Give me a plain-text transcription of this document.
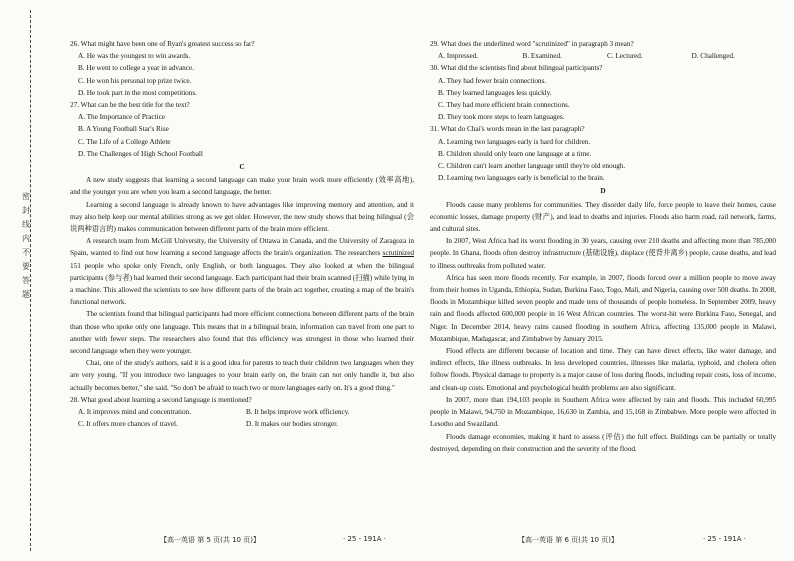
密 封 线 内 不 要 答 题

26. What might have been one of Ryan's greatest success so far?

A. He was the youngest to win awards.

B. He went to college a year in advance.

C. He won his personal top prize twice.

D. He took part in the most competitions.

27. What can be the best title for the text?

A. The Importance of Practice

B. A Young Football Star's Rise

C. The Life of a College Athlete

D. The Challenges of High School Football

C

A new study suggests that learning a second language can make your brain work more efficiently (效率高地), and the younger you are when you learn a second language, the better.

Learning a second language is already known to have advantages like improving memory and attention, and it may also help keep our mental abilities strong as we get older. However, the new study shows that being bilingual (会说两种语言的) makes communication between different parts of the brain more efficient.

A research team from McGill University, the University of Ottawa in Canada, and the University of Zaragoza in Spain, wanted to find out how learning a second language affects the brain's organization. The researchers scrutinized 151 people who spoke only French, only English, or both languages. They also looked at when the bilingual participants (参与者) had learned their second language. Each participant had their brain scanned (扫描) while lying in a machine. This allowed the scientists to see how different parts of the brain act together, creating a map of the brain's functional network.

The scientists found that bilingual participants had more efficient connections between different parts of the brain than those who spoke only one language. This means that in a bilingual brain, information can travel from one part to another with fewer steps. The researchers also found that this efficiency was strongest in those who learned their second language when they were younger.

Chai, one of the study's authors, said it is a good idea for parents to teach their children two languages when they are very young. "If you introduce two languages to your brain early on, the brain can not only handle it, but also actually becomes better," she said. "So don't be afraid to teach two or more languages early on. It's a good thing."

28. What good about learning a second language is mentioned?

A. It improves mind and concentration.	B. It helps improve work efficiency.
C. It offers more chances of travel.	D. It makes our bodies stronger.

29. What does the underlined word "scrutinized" in paragraph 3 mean?

A. Impressed.	B. Examined.	C. Lectured.	D. Challenged.

30. What did the scientists find about bilingual participants?

A. They had fewer brain connections.

B. They learned languages less quickly.

C. They had more efficient brain connections.

D. They took more steps to learn languages.

31. What do Chai's words mean in the last paragraph?

A. Learning two languages early is hard for children.

B. Children should only learn one language at a time.

C. Children can't learn another language until they're old enough.

D. Learning two languages early is beneficial to the brain.

D

Floods cause many problems for communities. They disorder daily life, force people to leave their homes, cause economic losses, damage property (财产), and lead to deaths and injuries. Floods also harm road, rail network, farms, and cultural sites.

In 2007, West Africa had its worst flooding in 30 years, causing over 210 deaths and affecting more than 785,000 people. In Ghana, floods often destroy infrastructure (基础设施), displace (使背井离乡) people, cause deaths, and lead to illness outbreaks from polluted water.

Africa has seen more floods recently. For example, in 2007, floods forced over a million people to move away from their homes in Uganda, Ethiopia, Sudan, Burkina Faso, Togo, Mali, and Nigeria, causing over 500 deaths. In 2008, floods in Mozambique killed seven people and made tens of thousands of people homeless. In September 2009, heavy rain and floods affected 600,000 people in 16 West African countries. The worst-hit were Burkina Faso, Senegal, and Niger. In December 2014, heavy rains caused flooding in southern Africa, affecting 135,000 people in Malawi, Mozambique, Madagascar, and Zimbabwe by January 2015.

Flood effects are different because of location and time. They can have direct effects, like water damage, and indirect effects, like illness outbreaks. In less developed countries, illnesses like malaria, typhoid, and cholera often follow floods. Physical damage to property is a major cause of loss during floods, including repair costs, loss of income, and clean-up costs. Emotional and psychological health problems are also significant.

In 2007, more than 194,103 people in Southern Africa were affected by rain and floods. This included 60,995 people in Malawi, 94,750 in Mozambique, 16,630 in Zambia, and 15,168 in Zimbabwe. More people were affected in Lesotho and Swaziland.

Floods damage economies, making it hard to assess (评估) the full effect. Buildings can be partially or totally destroyed, depending on their construction and the severity of the flood.

【高一英语 第 5 页(共 10 页)】	· 25 - 191A ·	【高一英语 第 6 页(共 10 页)】	· 25 - 191A ·
